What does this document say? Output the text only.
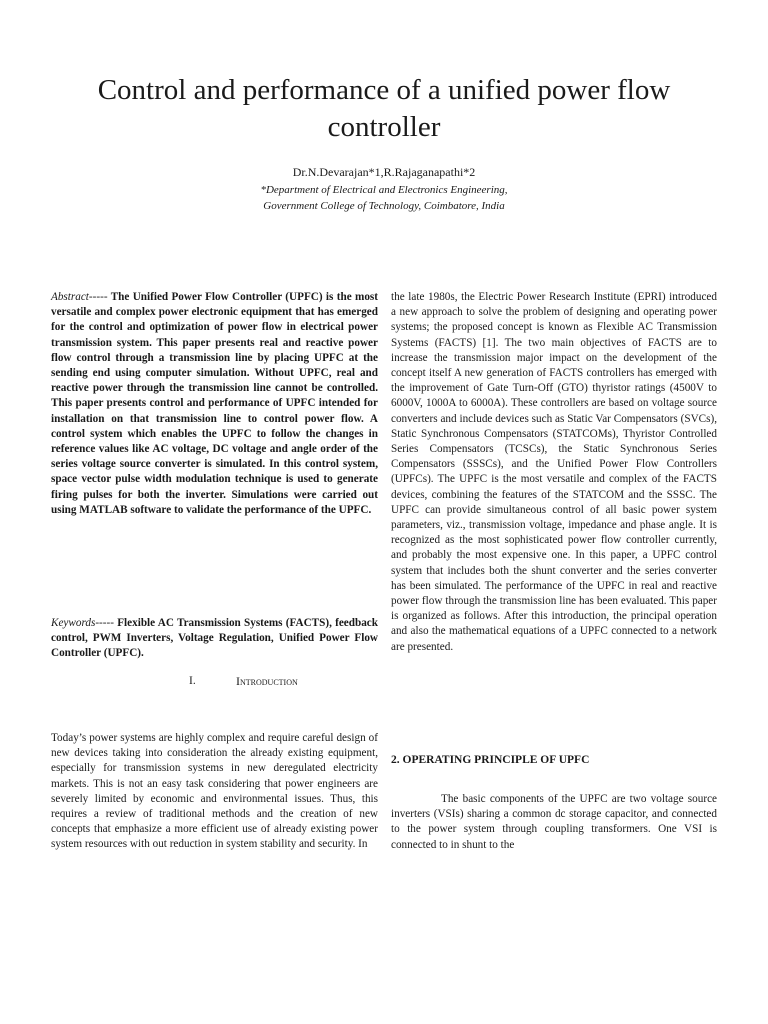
Control and performance of a unified power flow controller
Dr.N.Devarajan*1,R.Rajaganapathi*2
*Department of Electrical and Electronics Engineering,
Government College of Technology, Coimbatore, India

Abstract----- The Unified Power Flow Controller (UPFC) is the most versatile and complex power electronic equipment that has emerged for the control and optimization of power flow in electrical power transmission system. This paper presents real and reactive power flow control through a transmission line by placing UPFC at the sending end using computer simulation. Without UPFC, real and reactive power through the transmission line cannot be controlled. This paper presents control and performance of UPFC intended for installation on that transmission line to control power flow. A control system which enables the UPFC to follow the changes in reference values like AC voltage, DC voltage and angle order of the series voltage source converter is simulated. In this control system, space vector pulse width modulation technique is used to generate firing pulses for both the inverter. Simulations were carried out using MATLAB software to validate the performance of the UPFC.

Keywords----- Flexible AC Transmission Systems (FACTS), feedback control, PWM Inverters, Voltage Regulation, Unified Power Flow Controller (UPFC).

I.	Introduction

Today’s power systems are highly complex and require careful design of new devices taking into consideration the already existing equipment, especially for transmission systems in new deregulated electricity markets. This is not an easy task considering that power engineers are severely limited by economic and environmental issues. Thus, this requires a review of traditional methods and the creation of new concepts that emphasize a more efficient use of already existing power system resources with out reduction in system stability and security. In

the late 1980s, the Electric Power Research Institute (EPRI) introduced a new approach to solve the problem of designing and operating power systems; the proposed concept is known as Flexible AC Transmission Systems (FACTS) [1]. The two main objectives of FACTS are to increase the transmission major impact on the development of the concept itself A new generation of FACTS controllers has emerged with the improvement of Gate Turn-Off (GTO) thyristor ratings (4500V to 6000V, 1000A to 6000A). These controllers are based on voltage source converters and include devices such as Static Var Compensators (SVCs), Static Synchronous Compensators (STATCOMs), Thyristor Controlled Series Compensators (TCSCs), the Static Synchronous Series Compensators (SSSCs), and the Unified Power Flow Controllers (UPFCs). The UPFC is the most versatile and complex of the FACTS devices, combining the features of the STATCOM and the SSSC. The UPFC can provide simultaneous control of all basic power system parameters, viz., transmission voltage, impedance and phase angle. It is recognized as the most sophisticated power flow controller currently, and probably the most expensive one. In this paper, a UPFC control system that includes both the shunt converter and the series converter has been simulated. The performance of the UPFC in real and reactive power flow through the transmission line has been evaluated. This paper is organized as follows. After this introduction, the principal operation and also the mathematical equations of a UPFC connected to a network are presented.

2. OPERATING PRINCIPLE OF UPFC

The basic components of the UPFC are two voltage source inverters (VSIs) sharing a common dc storage capacitor, and connected to the power system through coupling transformers. One VSI is connected to in shunt to the
